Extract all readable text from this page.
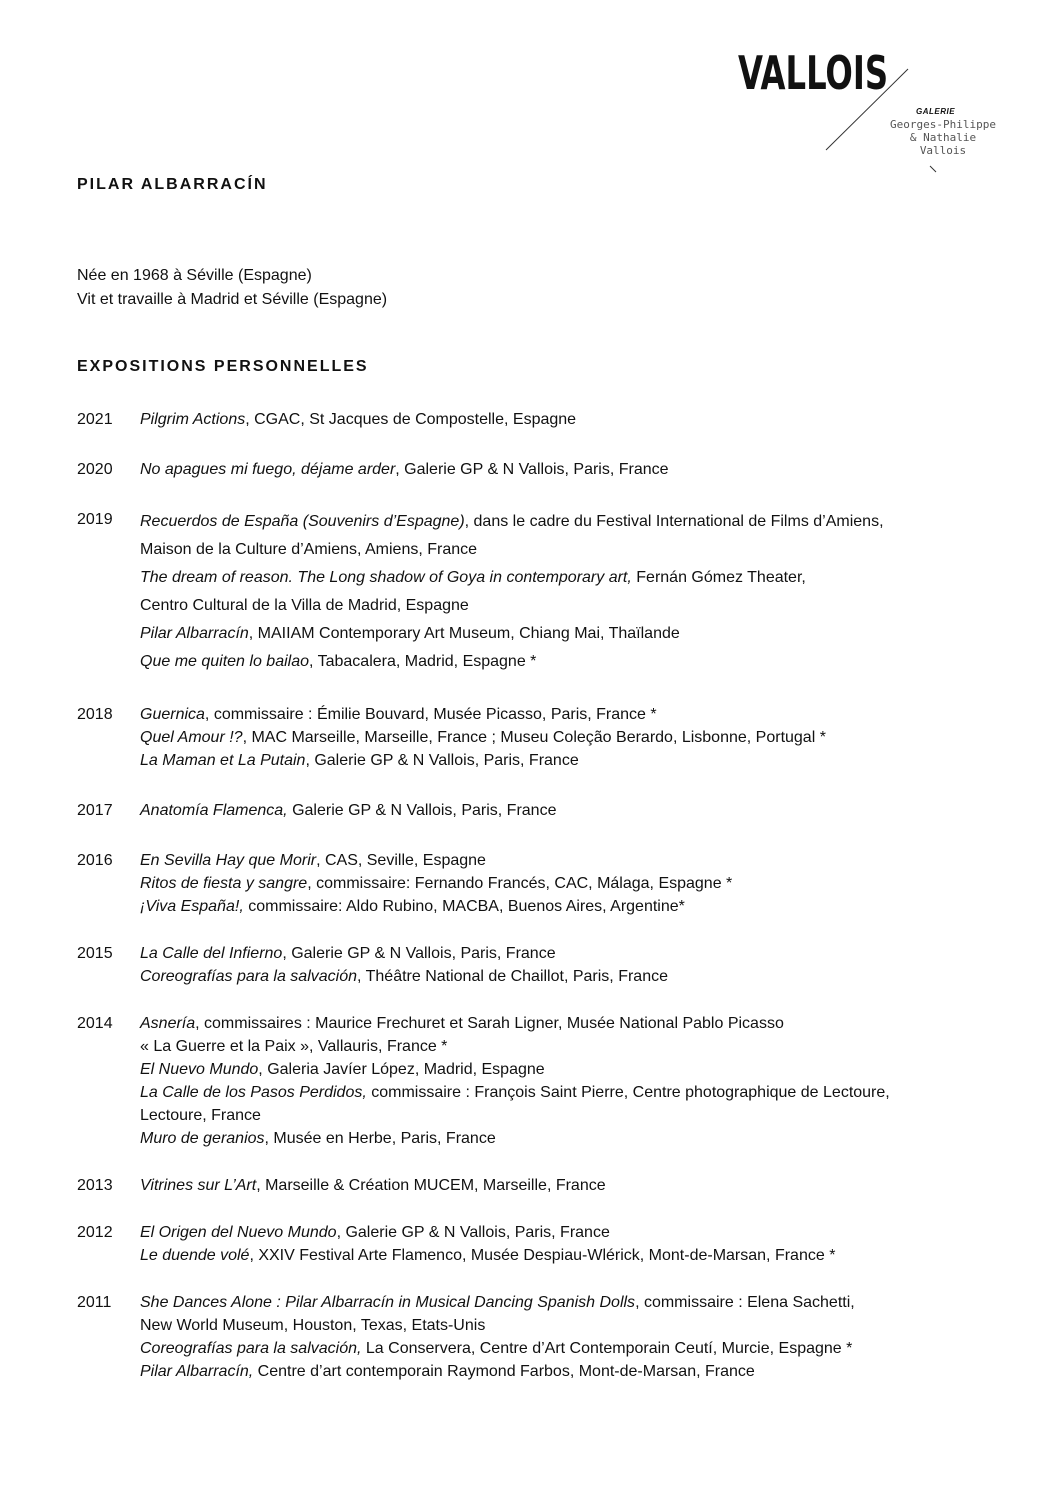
VALLOIS
GALERIE
Georges-Philippe
& Nathalie
Vallois
PILAR ALBARRACÍN
Née en 1968 à Séville (Espagne)
Vit et travaille à Madrid et Séville (Espagne)
EXPOSITIONS PERSONNELLES
2021	Pilgrim Actions, CGAC, St Jacques de Compostelle, Espagne
2020	No apagues mi fuego, déjame arder, Galerie GP & N Vallois, Paris, France
2019	Recuerdos de España (Souvenirs d’Espagne), dans le cadre du Festival International de Films d’Amiens,
Maison de la Culture d’Amiens, Amiens, France
The dream of reason. The Long shadow of Goya in contemporary art, Fernán Gómez Theater,
Centro Cultural de la Villa de Madrid, Espagne
Pilar Albarracín, MAIIAM Contemporary Art Museum, Chiang Mai, Thaïlande
Que me quiten lo bailao, Tabacalera, Madrid, Espagne *
2018	Guernica, commissaire : Émilie Bouvard, Musée Picasso, Paris, France *
Quel Amour !?, MAC Marseille, Marseille, France ; Museu Coleção Berardo, Lisbonne, Portugal *
La Maman et La Putain, Galerie GP & N Vallois, Paris, France
2017	Anatomía Flamenca, Galerie GP & N Vallois, Paris, France
2016	En Sevilla Hay que Morir, CAS, Seville, Espagne
Ritos de fiesta y sangre, commissaire: Fernando Francés, CAC, Málaga, Espagne *
¡Viva España!, commissaire: Aldo Rubino, MACBA, Buenos Aires, Argentine*
2015	La Calle del Infierno, Galerie GP & N Vallois, Paris, France
Coreografías para la salvación, Théâtre National de Chaillot, Paris, France
2014	Asnería, commissaires : Maurice Frechuret et Sarah Ligner, Musée National Pablo Picasso
« La Guerre et la Paix », Vallauris, France *
El Nuevo Mundo, Galeria Javíer López, Madrid, Espagne
La Calle de los Pasos Perdidos, commissaire : François Saint Pierre, Centre photographique de Lectoure,
Lectoure, France
Muro de geranios, Musée en Herbe, Paris, France
2013	Vitrines sur L’Art, Marseille & Création MUCEM, Marseille, France
2012	El Origen del Nuevo Mundo, Galerie GP & N Vallois, Paris, France
Le duende volé, XXIV Festival Arte Flamenco, Musée Despiau-Wlérick, Mont-de-Marsan, France *
2011	She Dances Alone : Pilar Albarracín in Musical Dancing Spanish Dolls, commissaire : Elena Sachetti,
New World Museum, Houston, Texas, Etats-Unis
Coreografías para la salvación, La Conservera, Centre d’Art Contemporain Ceutí, Murcie, Espagne *
Pilar Albarracín, Centre d’art contemporain Raymond Farbos, Mont-de-Marsan, France
